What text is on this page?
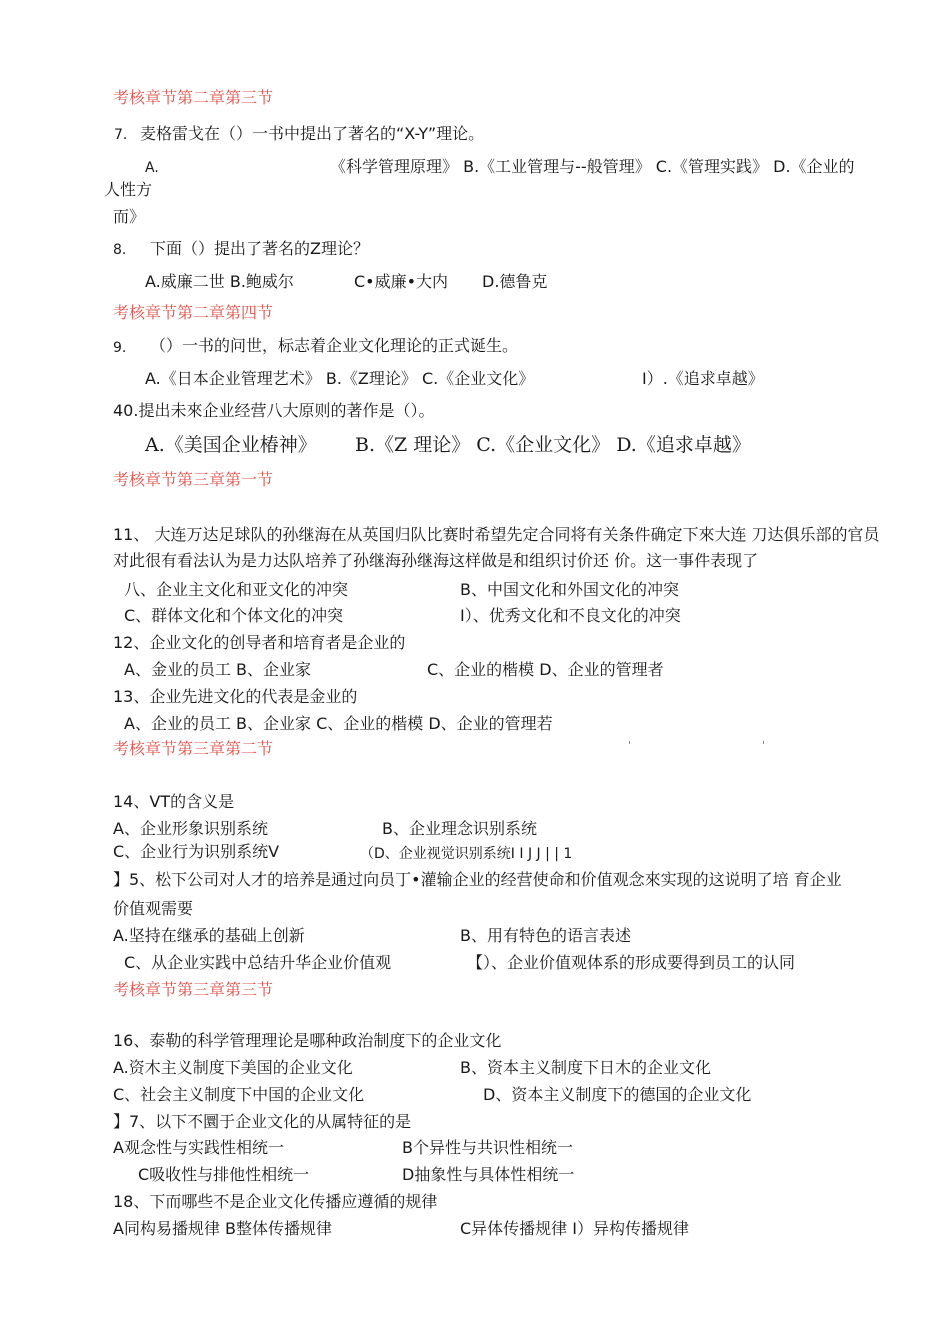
考核章节第二章第三节
7. 麦格雷戈在（）一书中提出了著名的“X-Y”理论。
A.	《科学管理原理》 B.《工业管理与--般管理》 C.《管理实践》 D.《企业的
人性方
而》
8. 下面（）提出了著名的Z理论？
A.威廉二世 B.鲍威尔	C•威廉•大内 D.德鲁克
考核章节第二章第四节
9. （）一书的问世，标志着企业文化理论的正式诞生。
A.《日本企业管理艺术》 B.《Z理论》 C.《企业文化》	I）.《追求卓越》
40.提出未來企业经营八大原则的著作是（）。
A.《美国企业椿神》 B.《Z 理论》 C.《企业文化》 D.《追求卓越》
考核章节第三章第一节
11、 大连万达足球队的孙继海在从英国归队比赛时希望先定合同将有关条件确定下來大连 刀达俱乐部的官员对此很有看法认为是力达队培养了孙继海孙继海这样做是和组织讨价还 价。这一事件表现了
八、企业主文化和亚文化的冲突	B、中国文化和外国文化的冲突
C、群体文化和个体文化的冲突	I）、优秀文化和不良文化的冲突
12、企业文化的创导者和培育者是企业的
A、金业的员工 B、企业家	C、企业的楷模 D、企业的管理者
13、企业先进文化的代表是金业的
A、企业的员工 B、企业家 C、企业的楷模 D、企业的管理若
考核章节第三章第二节	'	'
14、VT的含义是
A、企业形象识别系统	B、企业理念识别系统
C、企业行为识别系统V	（D、企业视觉识别系统I I J J | | 1
】5、松下公司对人才的培养是通过向员丁•灌输企业的经营使命和价值观念來实现的这说明了培 育企业
价值观需要
A.坚持在继承的基础上创新	B、用有特色的语言表述
C、从企业实践中总结升华企业价值观	【）、企业价值观体系的形成要得到员工的认同
考核章节第三章第三节
16、泰勒的科学管理理论是哪种政治制度下的企业文化
A.资木主义制度下美国的企业文化	B、资本主义制度下日木的企业文化
C、社会主义制度下中国的企业文化	D、资本主义制度下的德国的企业文化
】7、以下不圜于企业文化的从属特征的是
A观念性与实践性相统一	B个异性与共识性相统一
C吸收性与排他性相统一	D抽象性与具体性相统一
18、下而哪些不是企业文化传播应遵循的规律
A同构易播规律 B整体传播规律	C异体传播规律 I）异构传播规律
